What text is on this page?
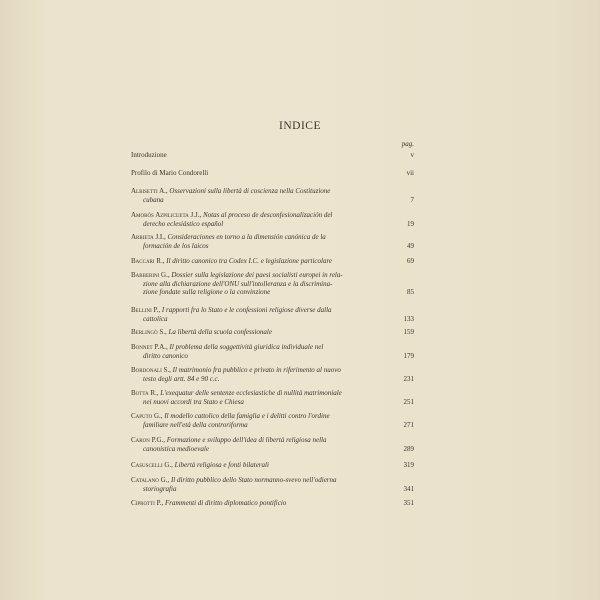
INDICE
pag.
Introduzione	v
Profilo di Mario Condorelli	vii
Albisetti A., Osservazioni sulla libertà di coscienza nella Costituzione
cubana	7
Amorós Azpilicueta J.J., Notas al proceso de desconfesionalización del
derecho eclesiástico español	19
Arrieta J.I., Consideraciones en torno a la dimensión canónica de la
formación de los laicos	49
Baccari R., Il diritto canonico tra Codex I.C. e legislazione particolare	69
Barberini G., Dossier sulla legislazione dei paesi socialisti europei in rela-
zione alla dichiarazione dell'ONU sull'intolleranza e la discrimina-
zione fondate sulla religione o la convinzione	85
Bellini P., I rapporti fra lo Stato e le confessioni religiose diverse dalla
cattolica	133
Berlingò S., La libertà della scuola confessionale	159
Bonnet P.A., Il problema della soggettività giuridica individuale nel
diritto canonico	179
Bordonali S., Il matrimonio fra pubblico e privato in riferimento al nuovo
testo degli artt. 84 e 90 c.c.	231
Botta R., L'exequatur delle sentenze ecclesiastiche di nullità matrimoniale
nei nuovi accordi tra Stato e Chiesa	251
Caputo G., Il modello cattolico della famiglia e i delitti contro l'ordine
familiare nell'età della controriforma	271
Caron P.G., Formazione e sviluppo dell'idea di libertà religiosa nella
canonistica medioevale	289
Casuscelli G., Libertà religiosa e fonti bilaterali	319
Catalano G., Il diritto pubblico dello Stato normanno-svevo nell'odierna
storiografia	341
Ciprotti P., Frammenti di diritto diplomatico pontificio	351
